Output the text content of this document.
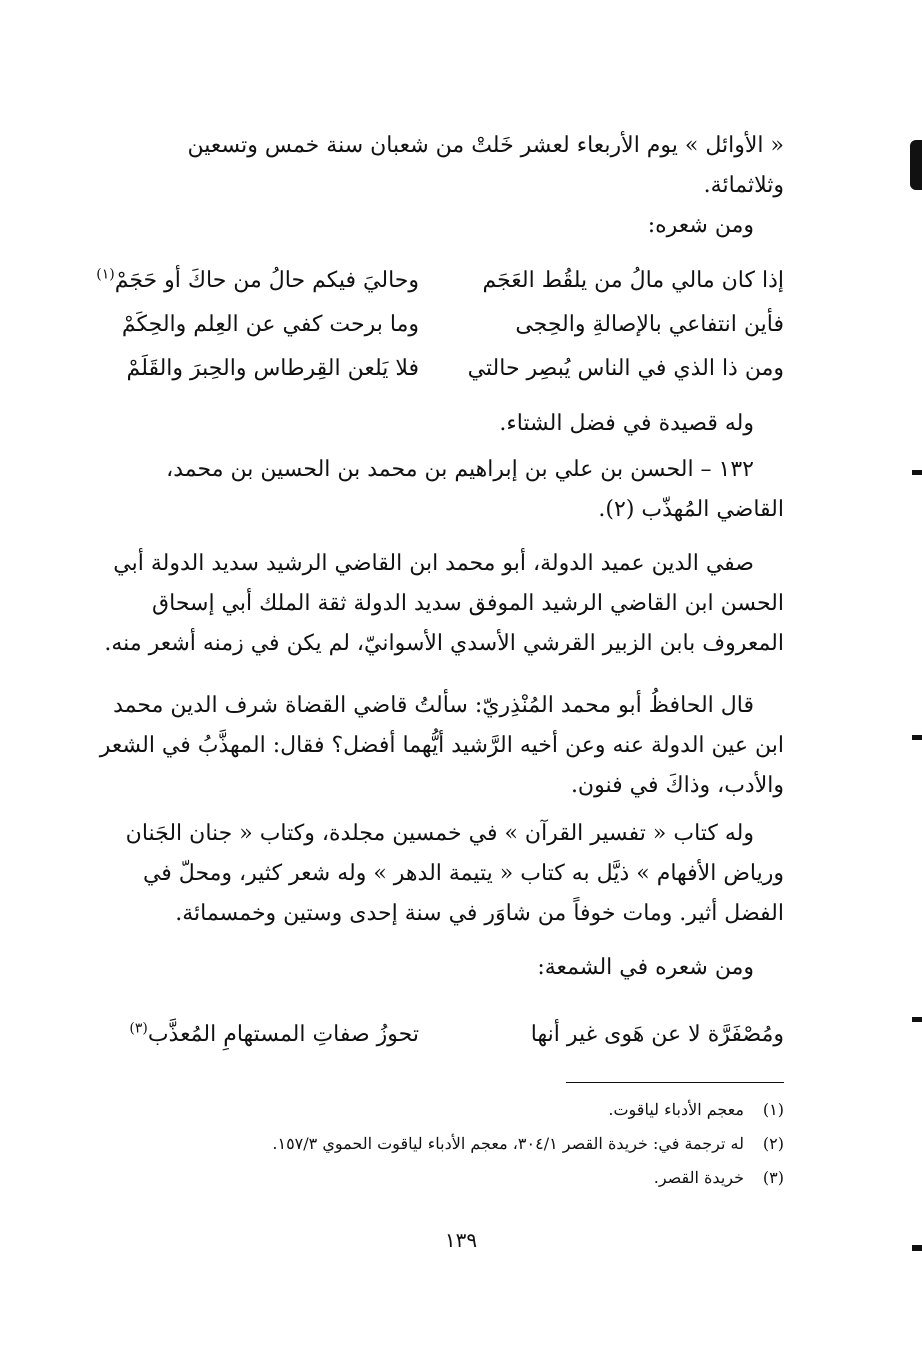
« الأوائل » يوم الأربعاء لعشر خَلتْ من شعبان سنة خمس وتسعين
وثلاثمائة.
ومن شعره:
إذا كان مالي مالُ من يلقُط العَجَم
وحاليَ فيكم حالُ من حاكَ أو حَجَمْ$^{(١)}$
فأين انتفاعي بالإصالةِ والحِجى
وما برحت كفي عن العِلم والحِكَمْ
ومن ذا الذي في الناس يُبصِر حالتي
فلا يَلعن القِرطاس والحِبرَ والقَلَمْ
وله قصيدة في فضل الشتاء.
١٣٢ – الحسن بن علي بن إبراهيم بن محمد بن الحسين بن محمد،
القاضي المُهذّب (٢).
صفي الدين عميد الدولة، أبو محمد ابن القاضي الرشيد سديد الدولة أبي
الحسن ابن القاضي الرشيد الموفق سديد الدولة ثقة الملك أبي إسحاق
المعروف بابن الزبير القرشي الأسدي الأسوانيّ، لم يكن في زمنه أشعر منه.
قال الحافظُ أبو محمد المُنْذِريّ: سألتُ قاضي القضاة شرف الدين محمد
ابن عين الدولة عنه وعن أخيه الرَّشيد أيُّهما أفضل؟ فقال: المهذَّبُ في الشعر
والأدب، وذاكَ في فنون.
وله كتاب « تفسير القرآن » في خمسين مجلدة، وكتاب « جنان الجَنان
ورياض الأفهام » ذيَّل به كتاب « يتيمة الدهر » وله شعر كثير، ومحلّ في
الفضل أثير. ومات خوفاً من شاوَر في سنة إحدى وستين وخمسمائة.
ومن شعره في الشمعة:
ومُصْفَرَّة لا عن هَوى غير أنها
تحوزُ صفاتِ المستهامِ المُعذَّب$^{(٣)}$
(١)معجم الأدباء لياقوت.
(٢)له ترجمة في: خريدة القصر ٣٠٤/١، معجم الأدباء لياقوت الحموي ١٥٧/٣.
(٣)خريدة القصر.
١٣٩
